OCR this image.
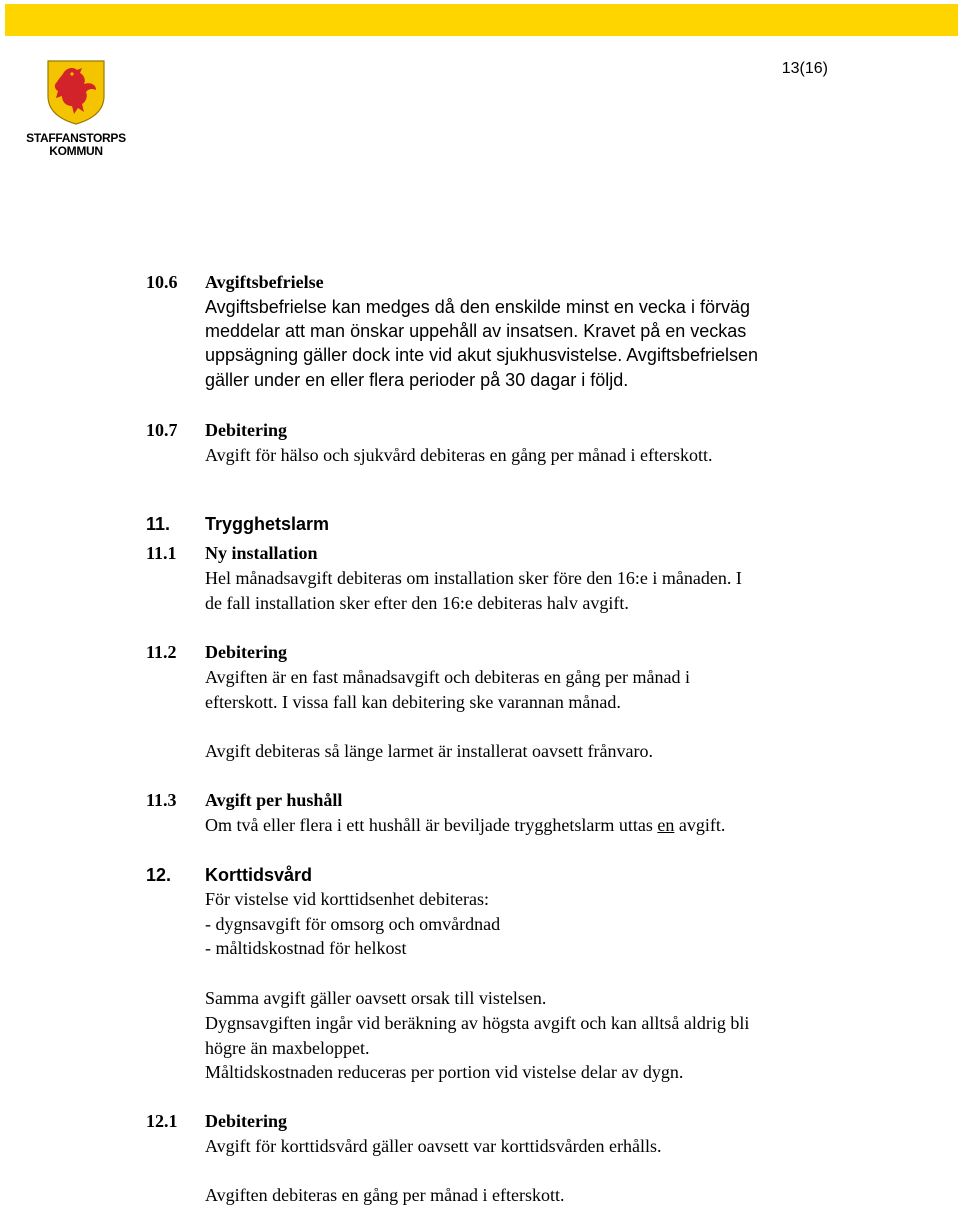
13(16)
STAFFANSTORPS
KOMMUN
10.6 Avgiftsbefrielse
Avgiftsbefrielse kan medges då den enskilde minst en vecka i förväg
meddelar att man önskar uppehåll av insatsen. Kravet på en veckas
uppsägning gäller dock inte vid akut sjukhusvistelse. Avgiftsbefrielsen
gäller under en eller flera perioder på 30 dagar i följd.
10.7 Debitering
Avgift för hälso och sjukvård debiteras en gång per månad i efterskott.
11. Trygghetslarm
11.1 Ny installation
Hel månadsavgift debiteras om installation sker före den 16:e i månaden. I
de fall installation sker efter den 16:e debiteras halv avgift.
11.2 Debitering
Avgiften är en fast månadsavgift och debiteras en gång per månad i
efterskott. I vissa fall kan debitering ske varannan månad.
Avgift debiteras så länge larmet är installerat oavsett frånvaro.
11.3 Avgift per hushåll
Om två eller flera i ett hushåll är beviljade trygghetslarm uttas en avgift.
12. Korttidsvård
För vistelse vid korttidsenhet debiteras:
- dygnsavgift för omsorg och omvårdnad
- måltidskostnad för helkost
Samma avgift gäller oavsett orsak till vistelsen.
Dygnsavgiften ingår vid beräkning av högsta avgift och kan alltså aldrig bli
högre än maxbeloppet.
Måltidskostnaden reduceras per portion vid vistelse delar av dygn.
12.1 Debitering
Avgift för korttidsvård gäller oavsett var korttidsvården erhålls.
Avgiften debiteras en gång per månad i efterskott.
